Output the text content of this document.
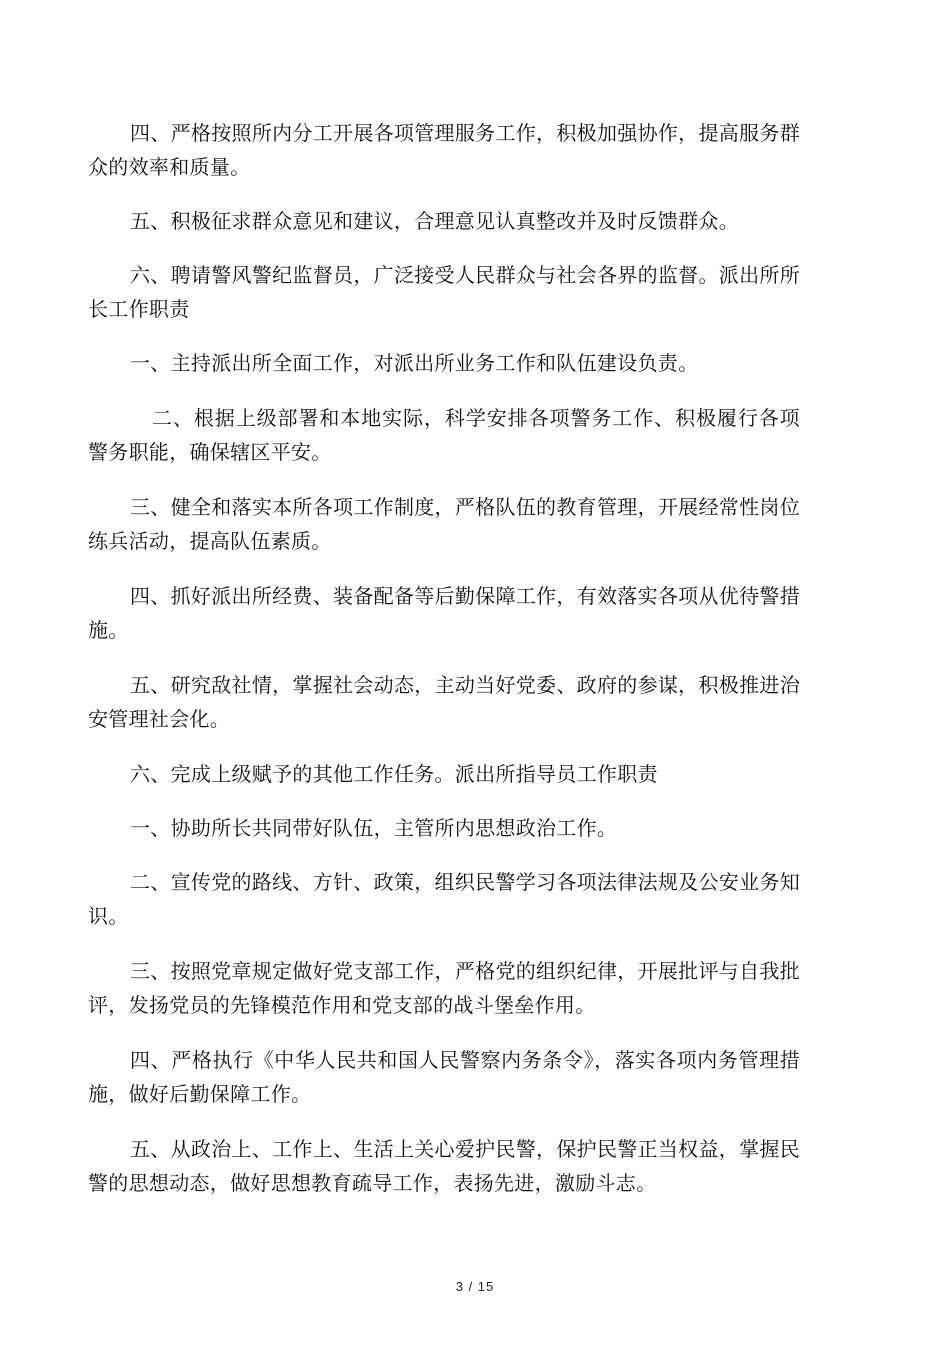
四、严格按照所内分工开展各项管理服务工作，积极加强协作，提高服务群众的效率和质量。

五、积极征求群众意见和建议，合理意见认真整改并及时反馈群众。

六、聘请警风警纪监督员，广泛接受人民群众与社会各界的监督。派出所所长工作职责

一、主持派出所全面工作，对派出所业务工作和队伍建设负责。

二、根据上级部署和本地实际，科学安排各项警务工作、积极履行各项警务职能，确保辖区平安。

三、健全和落实本所各项工作制度，严格队伍的教育管理，开展经常性岗位练兵活动，提高队伍素质。

四、抓好派出所经费、装备配备等后勤保障工作，有效落实各项从优待警措施。

五、研究敌社情，掌握社会动态，主动当好党委、政府的参谋，积极推进治安管理社会化。

六、完成上级赋予的其他工作任务。派出所指导员工作职责

一、协助所长共同带好队伍，主管所内思想政治工作。

二、宣传党的路线、方针、政策，组织民警学习各项法律法规及公安业务知识。

三、按照党章规定做好党支部工作，严格党的组织纪律，开展批评与自我批评，发扬党员的先锋模范作用和党支部的战斗堡垒作用。

四、严格执行《中华人民共和国人民警察内务条令》，落实各项内务管理措施，做好后勤保障工作。

五、从政治上、工作上、生活上关心爱护民警，保护民警正当权益，掌握民警的思想动态，做好思想教育疏导工作，表扬先进，激励斗志。

3 / 15
